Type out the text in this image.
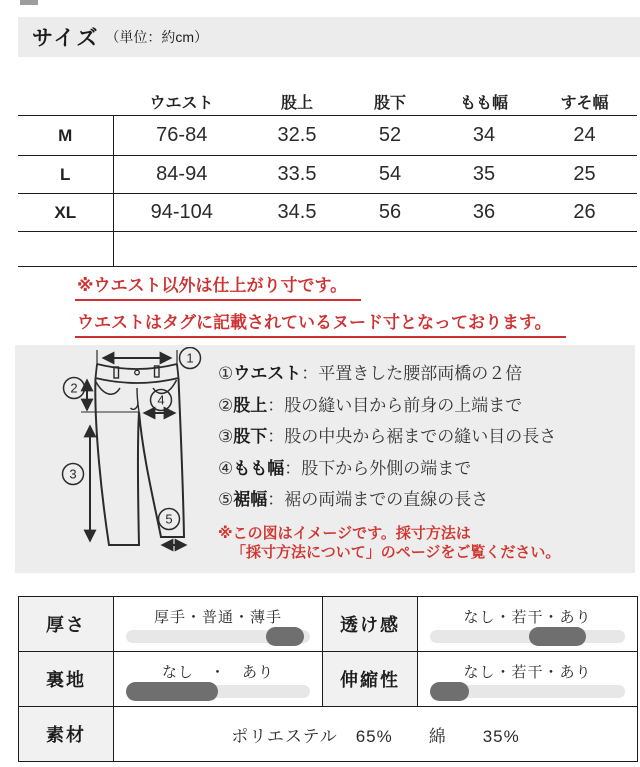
サイズ （単位：約cm）
	ウエスト	股上	股下	もも幅	すそ幅
M	76-84	32.5	52	34	24
L	84-94	33.5	54	35	25
XL	94-104	34.5	56	36	26

※ウエスト以外は仕上がり寸です。
ウエストはタグに記載されているヌード寸となっております。
1
2
3
4
5
①ウエスト：平置きした腰部両橋の２倍
②股上：股の縫い目から前身の上端まで
③股下：股の中央から裾までの縫い目の長さ
④もも幅：股下から外側の端まで
⑤裾幅：裾の両端までの直線の長さ
※この図はイメージです。採寸方法は
「採寸方法について」のページをご覧ください。
厚さ	厚手・普通・薄手	透け感	なし・若干・あり

裏地	なし　・　あり	伸縮性	なし・若干・あり

素材	ポリエステル　65%　　綿　　35%		
